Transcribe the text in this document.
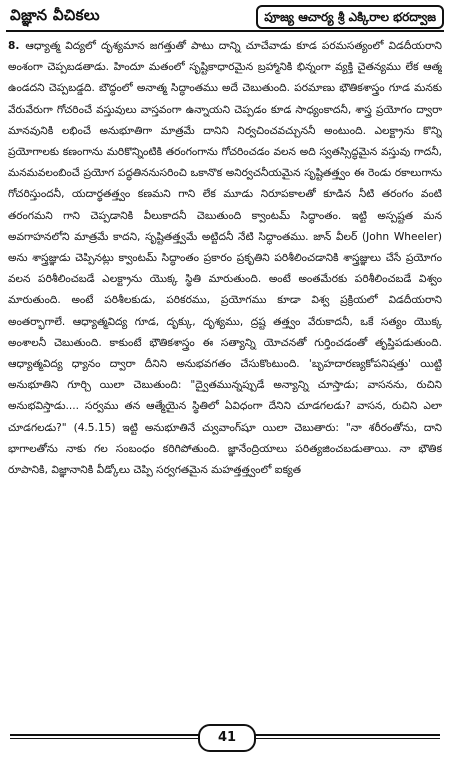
విజ్ఞాన వీచికలు	పూజ్య ఆచార్య శ్రీ ఎక్కిరాల భరద్వాజ
8. ఆధ్యాత్మ విద్యలో దృశ్యమాన జగత్తుతో పాటు దాన్ని చూచేవాడు కూడ పరమసత్యంలో విడదీయరాని అంశంగా చెప్పబడతాడు. హిందూ మతంలో సృష్టికాధారమైన బ్రహ్మానికి భిన్నంగా వ్యక్తి చైతన్యము లేక ఆత్మ ఉండదని చెప్పబడ్డది. బౌద్ధంలో అనాత్మ సిద్ధాంతము అదే చెబుతుంది. పరమాణు భౌతికశాస్త్రం గూడ మనకు వేరువేరుగా గోచరించే వస్తువులు వాస్తవంగా ఉన్నాయని చెప్పడం కూడ సాధ్యంకాదనీ, శాస్త్ర ప్రయోగం ద్వారా మానవునికి లభించే అనుభూతిగా మాత్రమే దానిని నిర్వచించవచ్చుననీ అంటుంది. ఎలక్ట్రాను కొన్ని ప్రయోగాలకు కణంగాను మరికొన్నింటికి తరంగంగాను గోచరించడం వలన అది స్వతస్సిద్ధమైన వస్తువు గాదనీ, మనమవలంబించే ప్రయోగ పద్ధతిననుసరించి ఒకానొక అనిర్వచనీయమైన సృష్టితత్త్వం ఈ రెండు రకాలుగాను గోచరిస్తుందనీ, యదార్థతత్త్వం కణమని గాని లేక మూడు నిరూపకాలతో కూడిన నీటి తరంగం వంటి తరంగమని గాని చెప్పడానికి వీలుకాదనీ చెబుతుంది క్వాంటమ్ సిద్ధాంతం. ఇట్టి అస్పష్టత మన అవగాహనలోని మాత్రమే కాదని, సృష్టితత్త్వమే అట్టిదనీ నేటి సిద్ధాంతము. జాన్ వీలర్ (John Wheeler) అను శాస్త్రజ్ఞుడు చెప్పినట్లు క్వాంటమ్ సిద్ధాంతం ప్రకారం ప్రకృతిని పరిశీలించడానికి శాస్త్రజ్ఞులు చేసే ప్రయోగం వలన పరిశీలించబడే ఎలక్ట్రాను యొక్క స్థితి మారుతుంది. అంటే అంతమేరకు పరిశీలించబడే విశ్వం మారుతుంది. అంటే పరిశీలకుడు, పరికరము, ప్రయోగము కూడా విశ్వ ప్రక్రియలో విడదీయరాని అంతర్భాగాలే. ఆధ్యాత్మవిద్య గూడ, దృక్కు, దృశ్యము, ద్రష్ట తత్త్వం వేరుకాదనీ, ఒకే సత్యం యొక్క అంశాలనీ చెబుతుంది. కాకుంటే భౌతికశాస్త్రం ఈ సత్యాన్ని యోచనతో గుర్తించడంతో తృప్తిపడుతుంది. ఆధ్యాత్మవిద్య ధ్యానం ద్వారా దీనిని అనుభవగతం చేసుకొంటుంది. 'బృహదారణ్యకోపనిషత్తు' యిట్టి అనుభూతిని గూర్చి యిలా చెబుతుంది: "ద్వైతమున్నప్పుడే అన్యాన్ని చూస్తాడు; వాసనను, రుచిని అనుభవిస్తాడు.... సర్వము తన ఆత్మేయైన స్థితిలో ఏవిధంగా దేనిని చూడగలడు? వాసన, రుచిని ఎలా చూడగలడు?" (4.5.15) ఇట్టి అనుభూతినే చ్వువాంగ్‌షూ యిలా చెబుతారు: "నా శరీరంతోను, దాని భాగాలతోను నాకు గల సంబంధం కరిగిపోతుంది. జ్ఞానేంద్రియాలు పరిత్యజించబడుతాయి. నా భౌతిక రూపానికి, విజ్ఞానానికి వీడ్కోలు చెప్పి సర్వగతమైన మహత్తత్త్వంలో ఐక్యత
41
